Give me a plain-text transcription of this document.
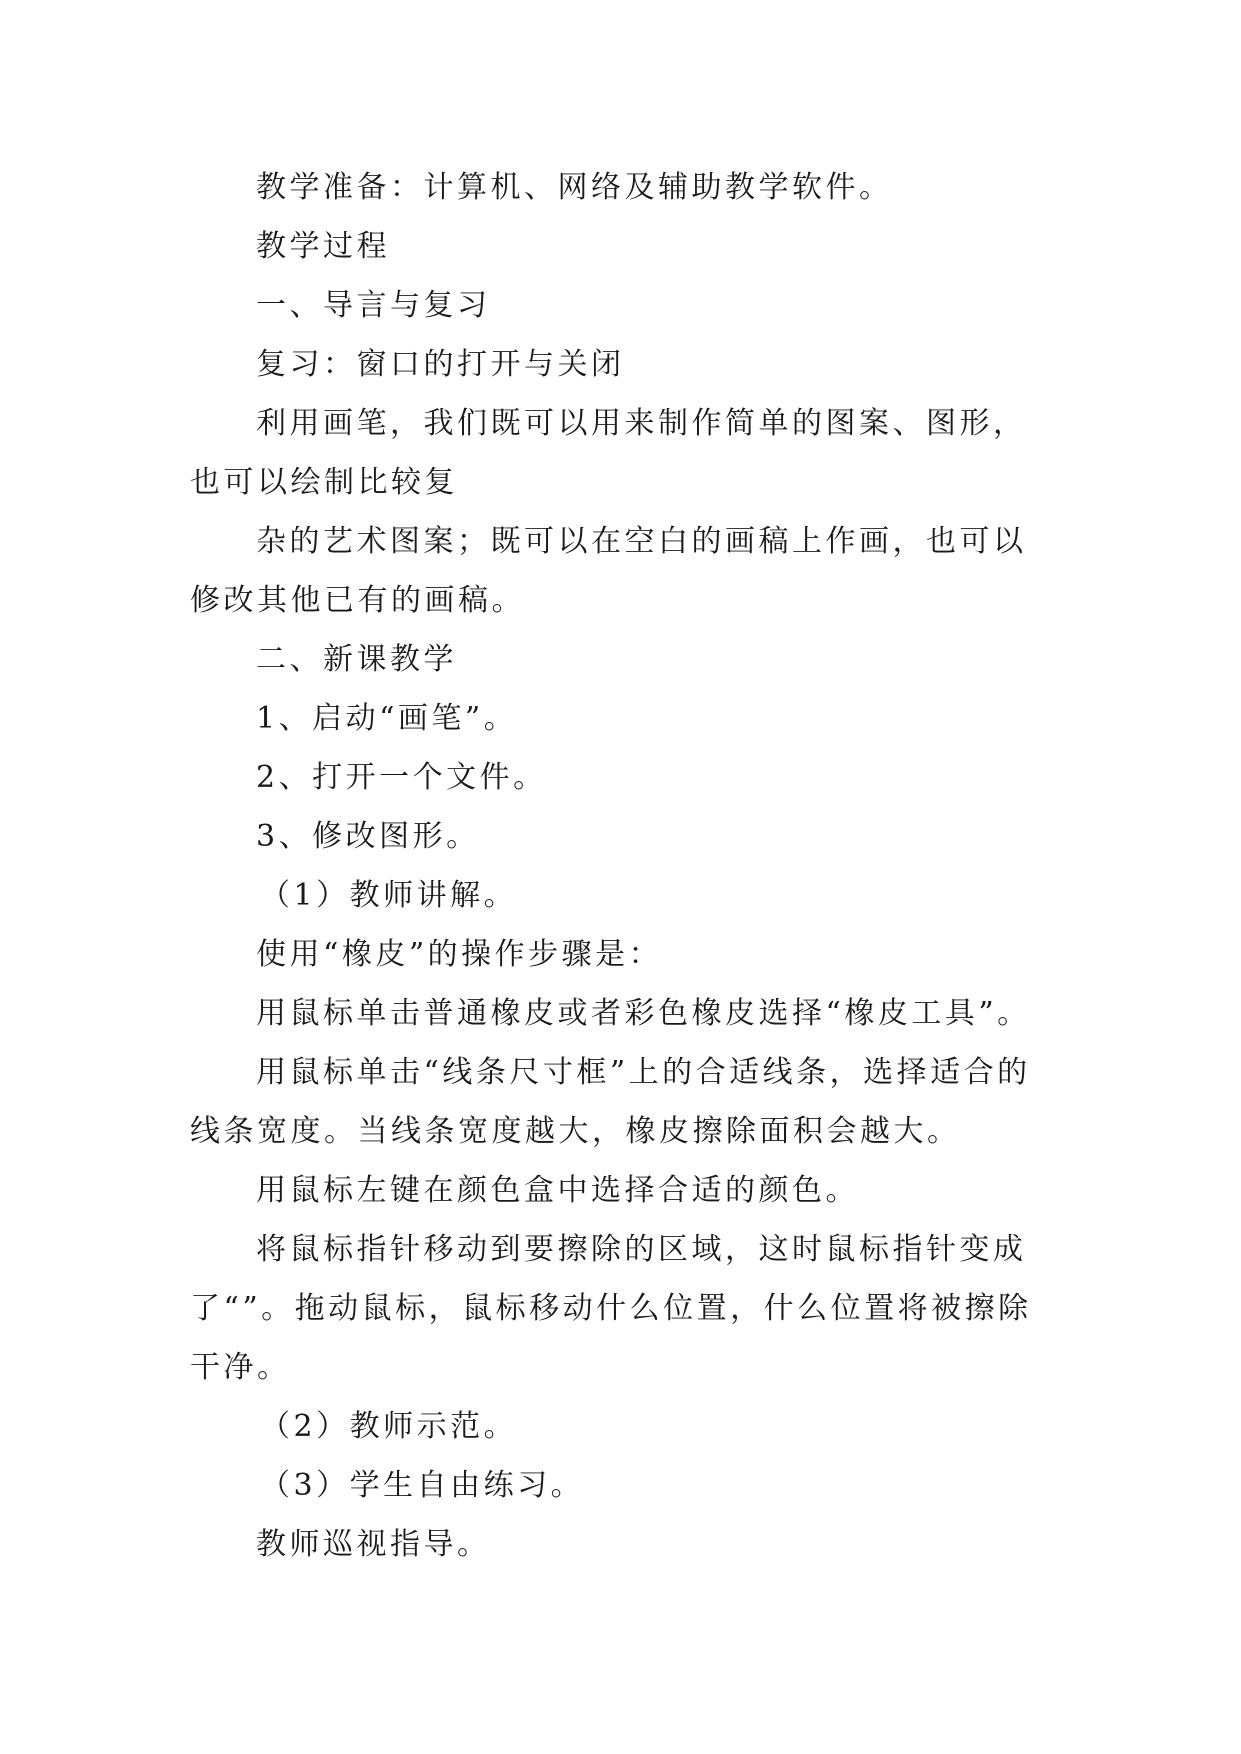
教学准备：计算机、网络及辅助教学软件。

教学过程

一、导言与复习

复习：窗口的打开与关闭

利用画笔，我们既可以用来制作简单的图案、图形，也可以绘制比较复

杂的艺术图案；既可以在空白的画稿上作画，也可以修改其他已有的画稿。

二、新课教学

1、启动“画笔”。

2、打开一个文件。

3、修改图形。

（1）教师讲解。

使用“橡皮”的操作步骤是：

用鼠标单击普通橡皮或者彩色橡皮选择“橡皮工具”。

用鼠标单击“线条尺寸框”上的合适线条，选择适合的线条宽度。当线条宽度越大，橡皮擦除面积会越大。

用鼠标左键在颜色盒中选择合适的颜色。

将鼠标指针移动到要擦除的区域，这时鼠标指针变成了“”。拖动鼠标，鼠标移动什么位置，什么位置将被擦除干净。

（2）教师示范。

（3）学生自由练习。

教师巡视指导。
